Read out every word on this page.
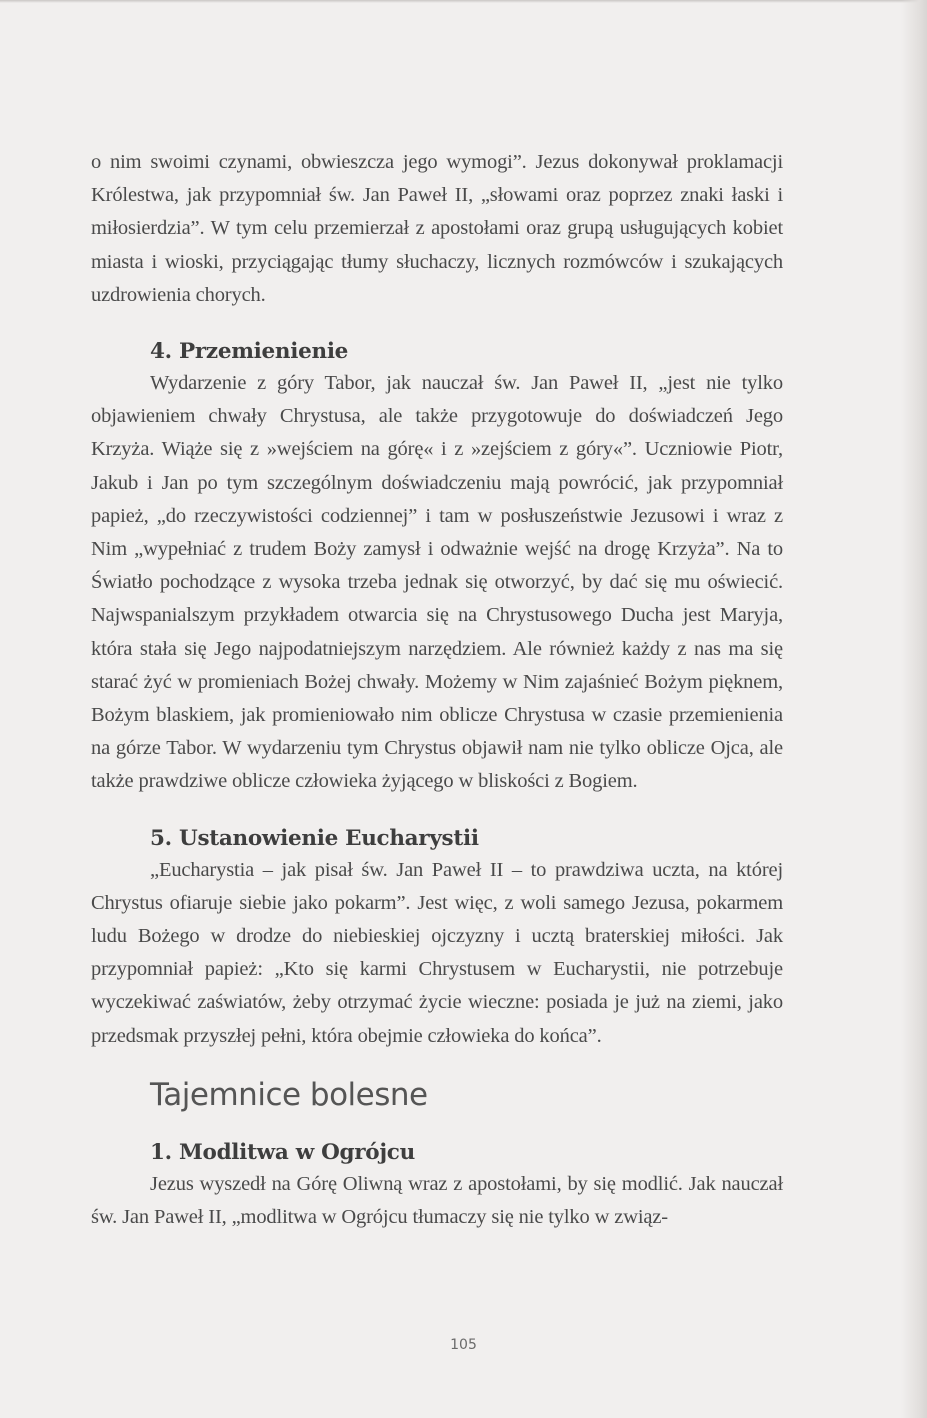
o nim swoimi czynami, obwieszcza jego wymogi”. Jezus dokonywał proklamacji Królestwa, jak przypomniał św. Jan Paweł II, „słowami oraz poprzez znaki łaski i miłosierdzia”. W tym celu przemierzał z apostołami oraz grupą usługujących kobiet miasta i wioski, przyciągając tłumy słuchaczy, licznych rozmówców i szukających uzdrowienia chorych.

4. Przemienienie

Wydarzenie z góry Tabor, jak nauczał św. Jan Paweł II, „jest nie tylko objawieniem chwały Chrystusa, ale także przygotowuje do doświadczeń Jego Krzyża. Wiąże się z »wejściem na górę« i z »zejściem z góry«”. Uczniowie Piotr, Jakub i Jan po tym szczególnym doświadczeniu mają powrócić, jak przypomniał papież, „do rzeczywistości codziennej” i tam w posłuszeństwie Jezusowi i wraz z Nim „wypełniać z trudem Boży zamysł i odważnie wejść na drogę Krzyża”. Na to Światło pochodzące z wysoka trzeba jednak się otworzyć, by dać się mu oświecić. Najwspanialszym przykładem otwarcia się na Chrystusowego Ducha jest Maryja, która stała się Jego najpodatniejszym narzędziem. Ale również każdy z nas ma się starać żyć w promieniach Bożej chwały. Możemy w Nim zajaśnieć Bożym pięknem, Bożym blaskiem, jak promieniowało nim oblicze Chrystusa w czasie przemienienia na górze Tabor. W wydarzeniu tym Chrystus objawił nam nie tylko oblicze Ojca, ale także prawdziwe oblicze człowieka żyjącego w bliskości z Bogiem.

5. Ustanowienie Eucharystii

„Eucharystia – jak pisał św. Jan Paweł II – to prawdziwa uczta, na której Chrystus ofiaruje siebie jako pokarm”. Jest więc, z woli samego Jezusa, pokarmem ludu Bożego w drodze do niebieskiej ojczyzny i ucztą braterskiej miłości. Jak przypomniał papież: „Kto się karmi Chrystusem w Eucharystii, nie potrzebuje wyczekiwać zaświatów, żeby otrzymać życie wieczne: posiada je już na ziemi, jako przedsmak przyszłej pełni, która obejmie człowieka do końca”.

Tajemnice bolesne
1. Modlitwa w Ogrójcu

Jezus wyszedł na Górę Oliwną wraz z apostołami, by się modlić. Jak nauczał św. Jan Paweł II, „modlitwa w Ogrójcu tłumaczy się nie tylko w związ-

105
